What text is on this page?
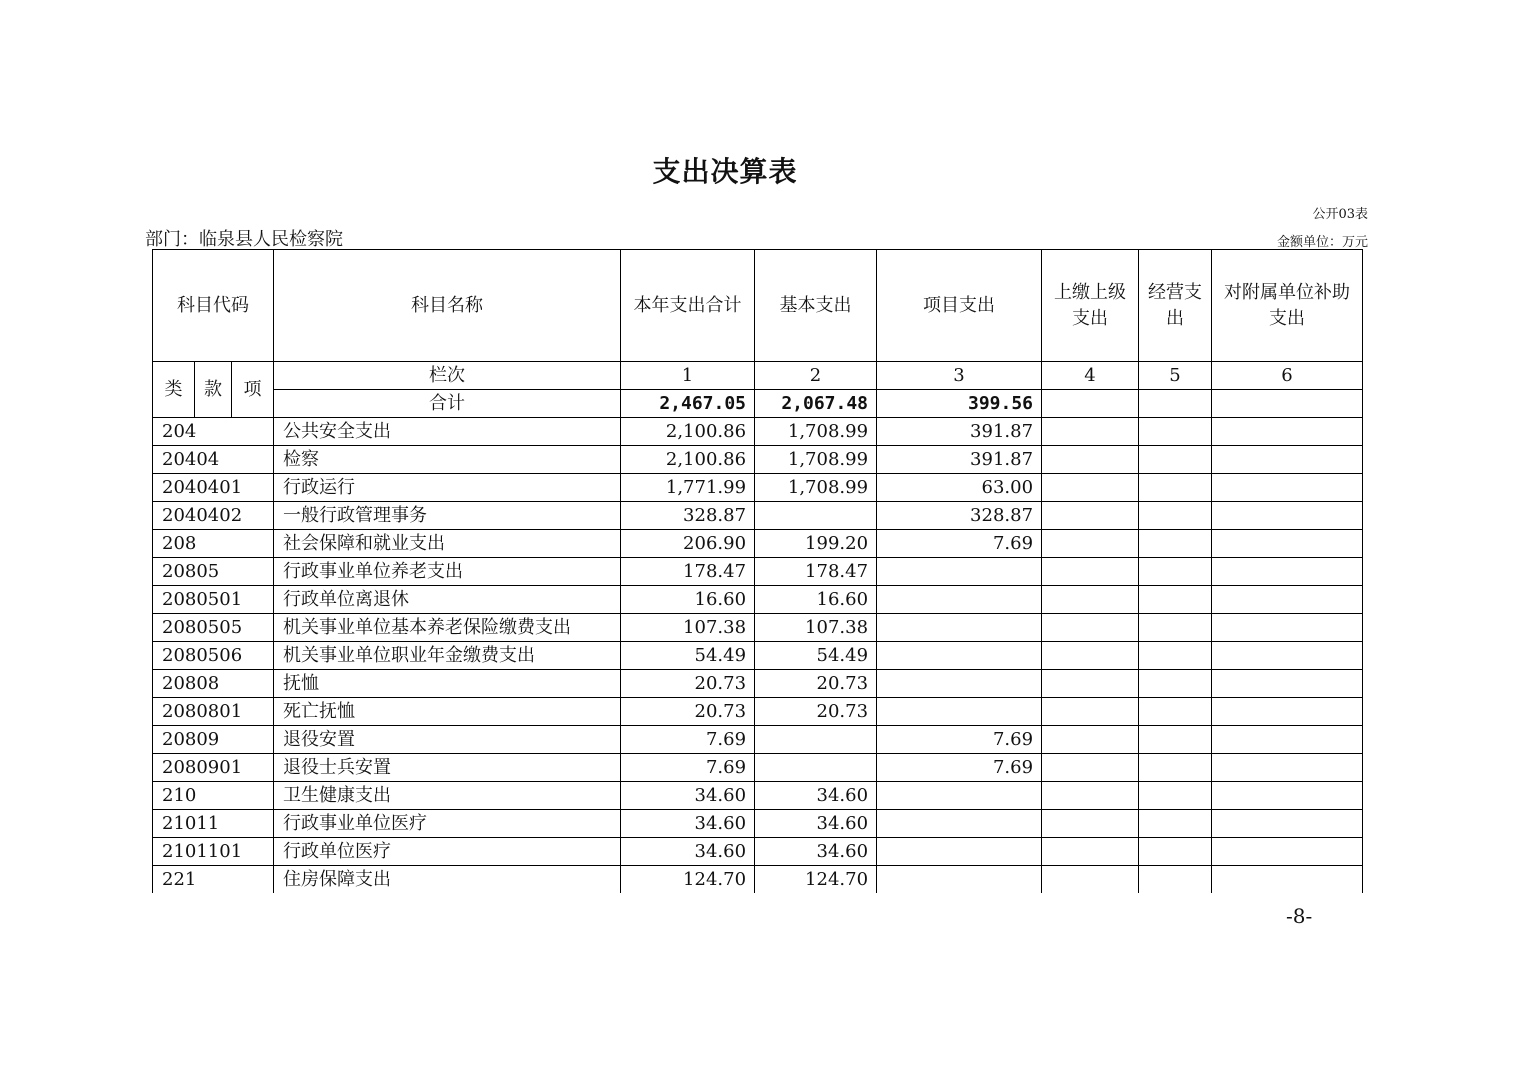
支出决算表
公开03表
部门：临泉县人民检察院	金额单位：万元
科目代码			科目名称	本年支出合计	基本支出	项目支出	上缴上级支出	经营支出	对附属单位补助支出
类	款	项	栏次	1	2	3	4	5	6
			合计	2,467.05	2,067.48	399.56			
204			公共安全支出	2,100.86	1,708.99	391.87			
20404			检察	2,100.86	1,708.99	391.87			
2040401			行政运行	1,771.99	1,708.99	63.00			
2040402			一般行政管理事务	328.87		328.87			
208			社会保障和就业支出	206.90	199.20	7.69			
20805			行政事业单位养老支出	178.47	178.47				
2080501			行政单位离退休	16.60	16.60				
2080505			机关事业单位基本养老保险缴费支出	107.38	107.38				
2080506			机关事业单位职业年金缴费支出	54.49	54.49				
20808			抚恤	20.73	20.73				
2080801			死亡抚恤	20.73	20.73				
20809			退役安置	7.69		7.69			
2080901			退役士兵安置	7.69		7.69			
210			卫生健康支出	34.60	34.60				
21011			行政事业单位医疗	34.60	34.60				
2101101			行政单位医疗	34.60	34.60				
221			住房保障支出	124.70	124.70				
-8-
